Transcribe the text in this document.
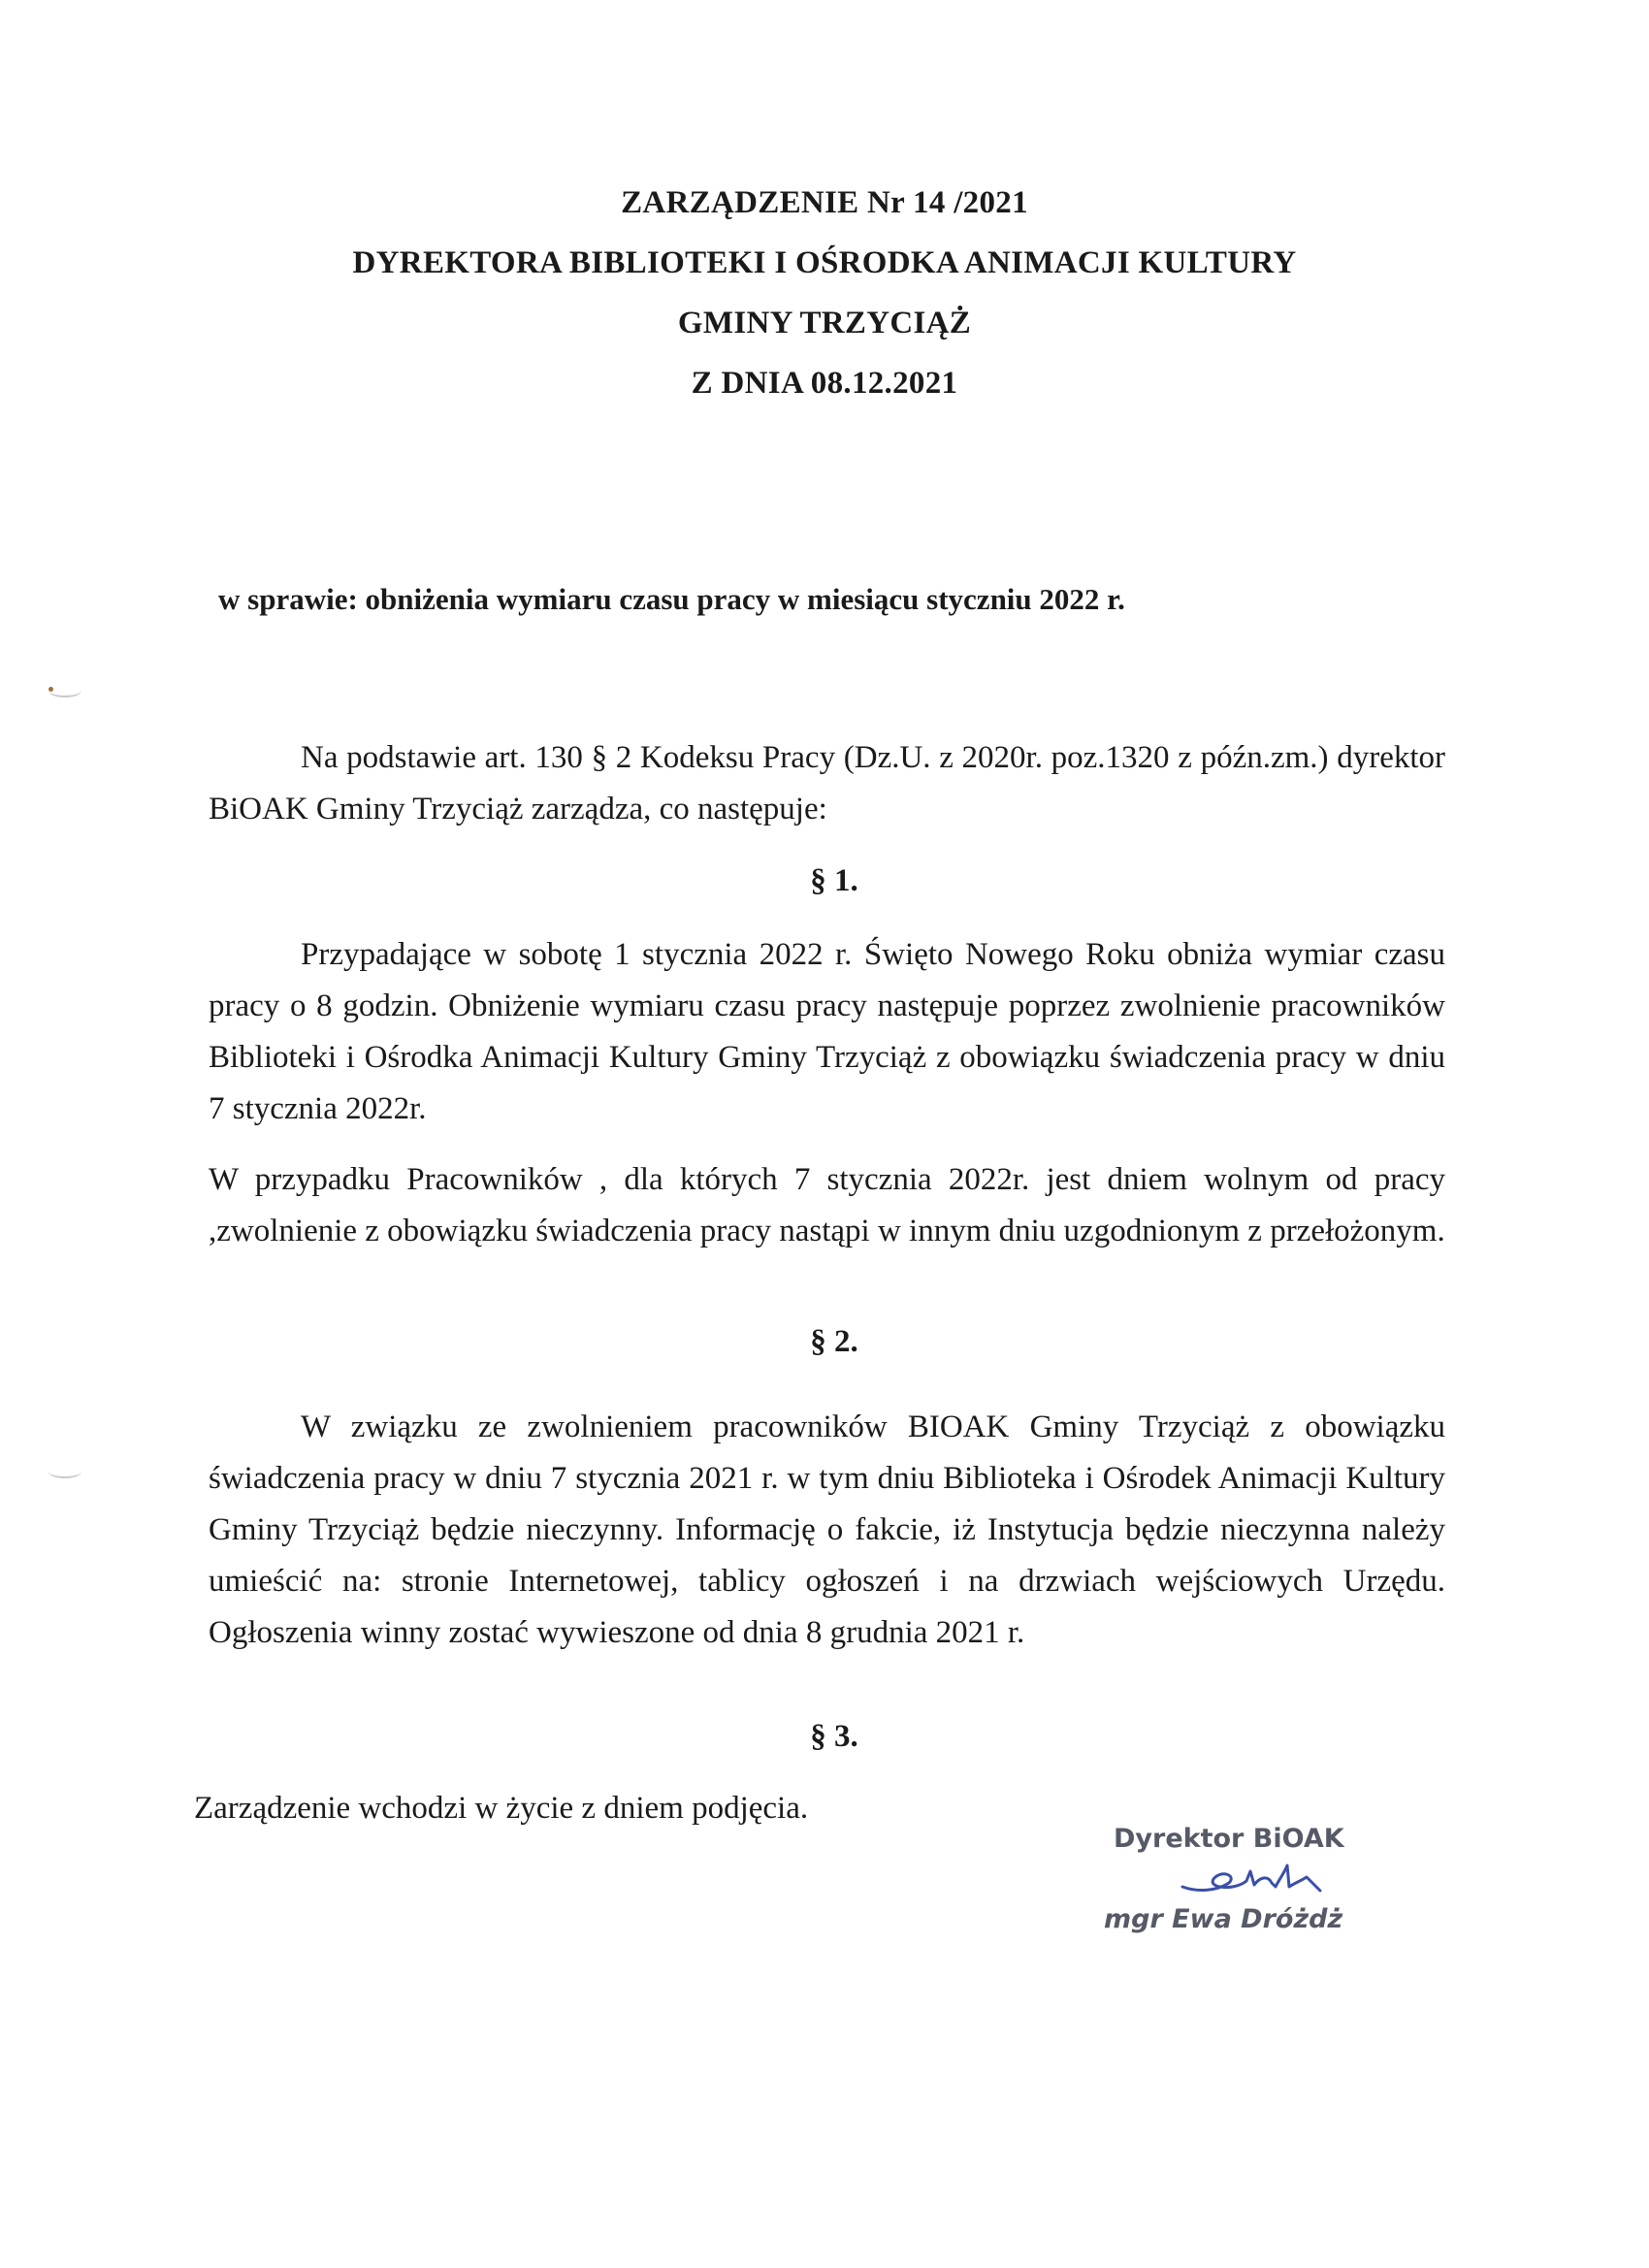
ZARZĄDZENIE Nr 14 /2021
DYREKTORA BIBLIOTEKI I OŚRODKA ANIMACJI KULTURY
GMINY TRZYCIĄŻ
Z DNIA 08.12.2021
w sprawie: obniżenia wymiaru czasu pracy w miesiącu styczniu 2022 r.
Na podstawie art. 130 § 2 Kodeksu Pracy (Dz.U. z 2020r. poz.1320 z późn.zm.) dyrektor BiOAK Gminy Trzyciąż zarządza, co następuje:
§ 1.
Przypadające w sobotę 1 stycznia 2022 r. Święto Nowego Roku obniża wymiar czasu pracy o 8 godzin. Obniżenie wymiaru czasu pracy następuje poprzez zwolnienie pracowników Biblioteki i Ośrodka Animacji Kultury Gminy Trzyciąż z obowiązku świadczenia pracy w dniu 7 stycznia 2022r.
W przypadku Pracowników , dla których 7 stycznia 2022r. jest dniem wolnym od pracy ,zwolnienie z obowiązku świadczenia pracy nastąpi w innym dniu uzgodnionym z przełożonym.
§ 2.
W związku ze zwolnieniem pracowników BIOAK Gminy Trzyciąż z obowiązku świadczenia pracy w dniu 7 stycznia 2021 r. w tym dniu Biblioteka i Ośrodek Animacji Kultury Gminy Trzyciąż będzie nieczynny. Informację o fakcie, iż Instytucja będzie nieczynna należy umieścić na: stronie Internetowej, tablicy ogłoszeń i na drzwiach wejściowych Urzędu. Ogłoszenia winny zostać wywieszone od dnia 8 grudnia 2021 r.
§ 3.
Zarządzenie wchodzi w życie z dniem podjęcia.
Dyrektor BiOAK
mgr Ewa Dróżdż
